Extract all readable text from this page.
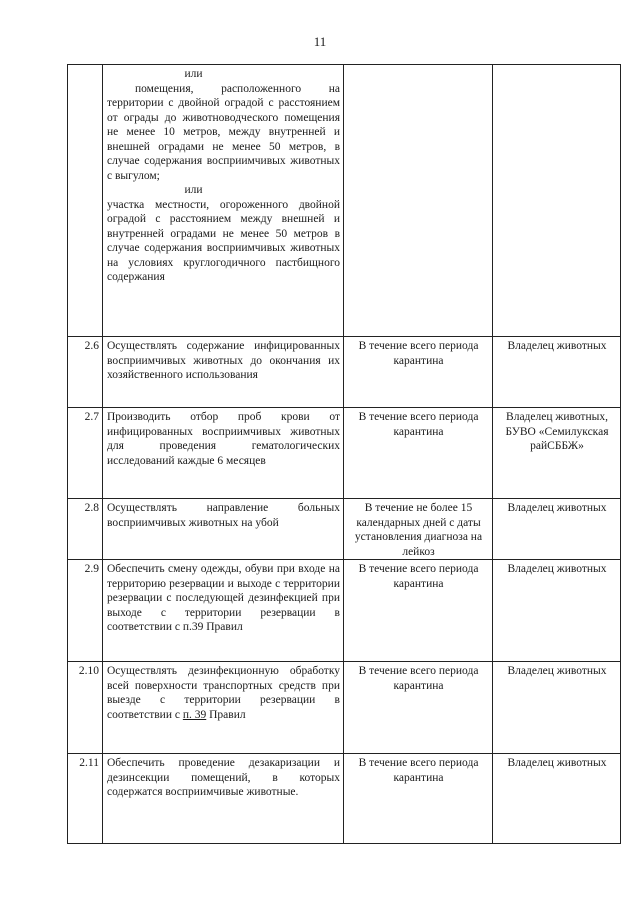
11

	или

помещения, расположенного на территории с двойной оградой с расстоянием от ограды до животноводческого помещения не менее 10 метров, между внутренней и внешней оградами не менее 50 метров, в случае содержания восприимчивых животных с выгулом;

или

участка местности, огороженного двойной оградой с расстоянием между внешней и внутренней оградами не менее 50 метров в случае содержания восприимчивых животных на условиях круглогодичного пастбищного содержания		

2.6	Осуществлять содержание инфицированных восприимчивых животных до окончания их хозяйственного использования	В течение всего периода карантина	Владелец животных
2.7	Производить отбор проб крови от инфицированных восприимчивых животных для проведения гематологических исследований каждые 6 месяцев	В течение всего периода карантина	Владелец животных, БУВО «Семилукская райСББЖ»
2.8	Осуществлять направление больных восприимчивых животных на убой	В течение не более 15 календарных дней с даты установления диагноза на лейкоз	Владелец животных
2.9	Обеспечить смену одежды, обуви при входе на территорию резервации и выходе с территории резервации с последующей дезинфекцией при выходе с территории резервации в соответствии с п.39 Правил	В течение всего периода карантина	Владелец животных
2.10	Осуществлять дезинфекционную обработку всей поверхности транспортных средств при выезде с территории резервации в соответствии с п. 39 Правил	В течение всего периода карантина	Владелец животных
2.11	Обеспечить проведение дезакаризации и дезинсекции помещений, в которых содержатся восприимчивые животные.	В течение всего периода карантина	Владелец животных
